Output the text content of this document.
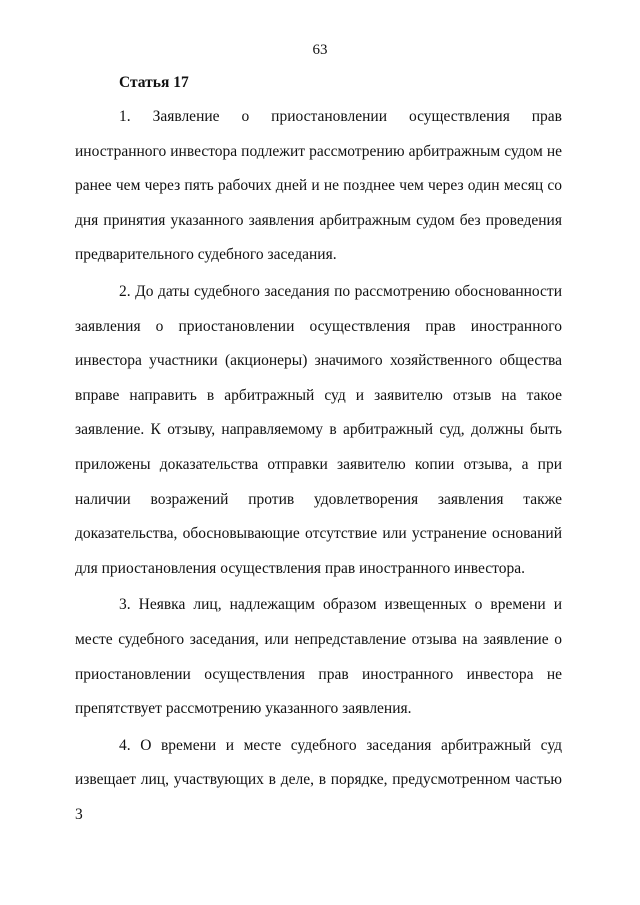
63

Статья 17

1. Заявление о приостановлении осуществления прав иностранного инвестора подлежит рассмотрению арбитражным судом не ранее чем через пять рабочих дней и не позднее чем через один месяц со дня принятия указанного заявления арбитражным судом без проведения предварительного судебного заседания.

2. До даты судебного заседания по рассмотрению обоснованности заявления о приостановлении осуществления прав иностранного инвестора участники (акционеры) значимого хозяйственного общества вправе направить в арбитражный суд и заявителю отзыв на такое заявление. К отзыву, направляемому в арбитражный суд, должны быть приложены доказательства отправки заявителю копии отзыва, а при наличии возражений против удовлетворения заявления также доказательства, обосновывающие отсутствие или устранение оснований для приостановления осуществления прав иностранного инвестора.

3. Неявка лиц, надлежащим образом извещенных о времени и месте судебного заседания, или непредставление отзыва на заявление о приостановлении осуществления прав иностранного инвестора не препятствует рассмотрению указанного заявления.

4. О времени и месте судебного заседания арбитражный суд извещает лиц, участвующих в деле, в порядке, предусмотренном частью 3
